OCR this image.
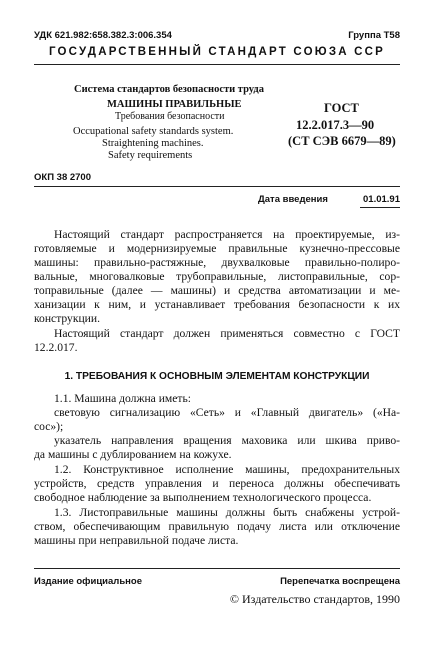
УДК 621.982:658.382.3:006.354	Группа Т58
ГОСУДАРСТВЕННЫЙ СТАНДАРТ СОЮЗА ССР
Система стандартов безопасности труда
МАШИНЫ ПРАВИЛЬНЫЕ
Требования безопасности
Occupational safety standards system.
Straightening machines.
Safety requirements
ГОСТ
12.2.017.3—90
(СТ СЭВ 6679—89)
ОКП 38 2700
Дата введения	01.01.91
Настоящий стандарт распространяется на проектируемые, из-
готовляемые и модернизируемые правильные кузнечно-прессовые
машины: правильно-растяжные, двухвалковые правильно-полиро-
вальные, многовалковые трубоправильные, листоправильные, сор-
топравильные (далее — машины) и средства автоматизации и ме-
ханизации к ним, и устанавливает требования безопасности к их
конструкции.
Настоящий стандарт должен применяться совместно с ГОСТ
12.2.017.
1. ТРЕБОВАНИЯ К ОСНОВНЫМ ЭЛЕМЕНТАМ КОНСТРУКЦИИ
1.1. Машина должна иметь:
световую сигнализацию «Сеть» и «Главный двигатель» («На-
сос»);
указатель направления вращения маховика или шкива приво-
да машины с дублированием на кожухе.
1.2. Конструктивное исполнение машины, предохранительных
устройств, средств управления и переноса должны обеспечивать
свободное наблюдение за выполнением технологического процесса.
1.3. Листоправильные машины должны быть снабжены устрой-
ством, обеспечивающим правильную подачу листа или отключение
машины при неправильной подаче листа.
Издание официальное	Перепечатка воспрещена
© Издательство стандартов, 1990
